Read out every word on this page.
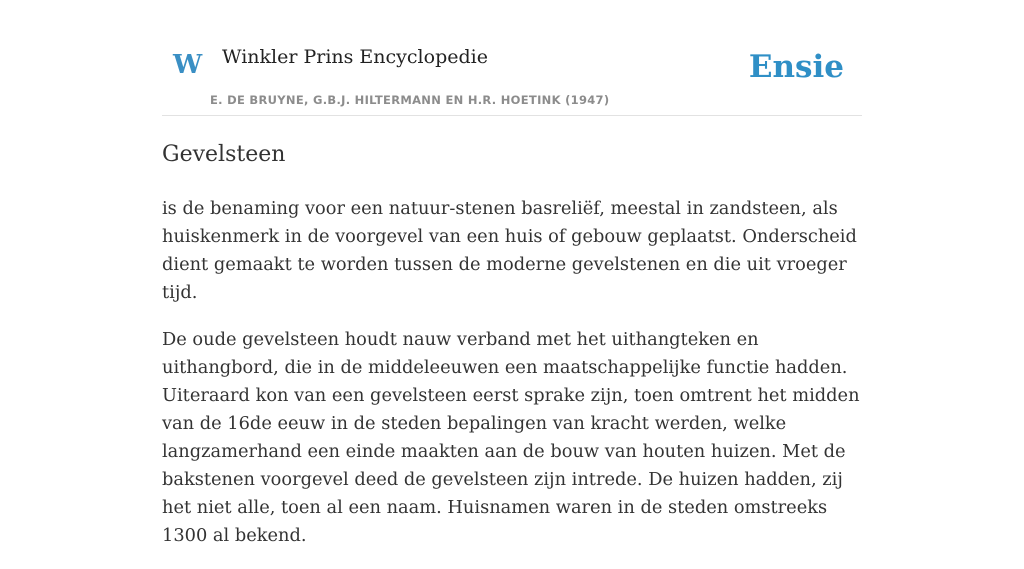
W Winkler Prins Encyclopedie
E. DE BRUYNE, G.B.J. HILTERMANN EN H.R. HOETINK (1947)
Ensie
Gevelsteen

is de benaming voor een natuur-stenen basreliëf, meestal in zandsteen, als huiskenmerk in de voorgevel van een huis of gebouw geplaatst. Onderscheid dient gemaakt te worden tussen de moderne gevelstenen en die uit vroeger tijd.

De oude gevelsteen houdt nauw verband met het uithangteken en uithangbord, die in de middeleeuwen een maatschappelijke functie hadden. Uiteraard kon van een gevelsteen eerst sprake zijn, toen omtrent het midden van de 16de eeuw in de steden bepalingen van kracht werden, welke langzamerhand een einde maakten aan de bouw van houten huizen. Met de bakstenen voorgevel deed de gevelsteen zijn intrede. De huizen hadden, zij het niet alle, toen al een naam. Huisnamen waren in de steden omstreeks 1300 al bekend.
